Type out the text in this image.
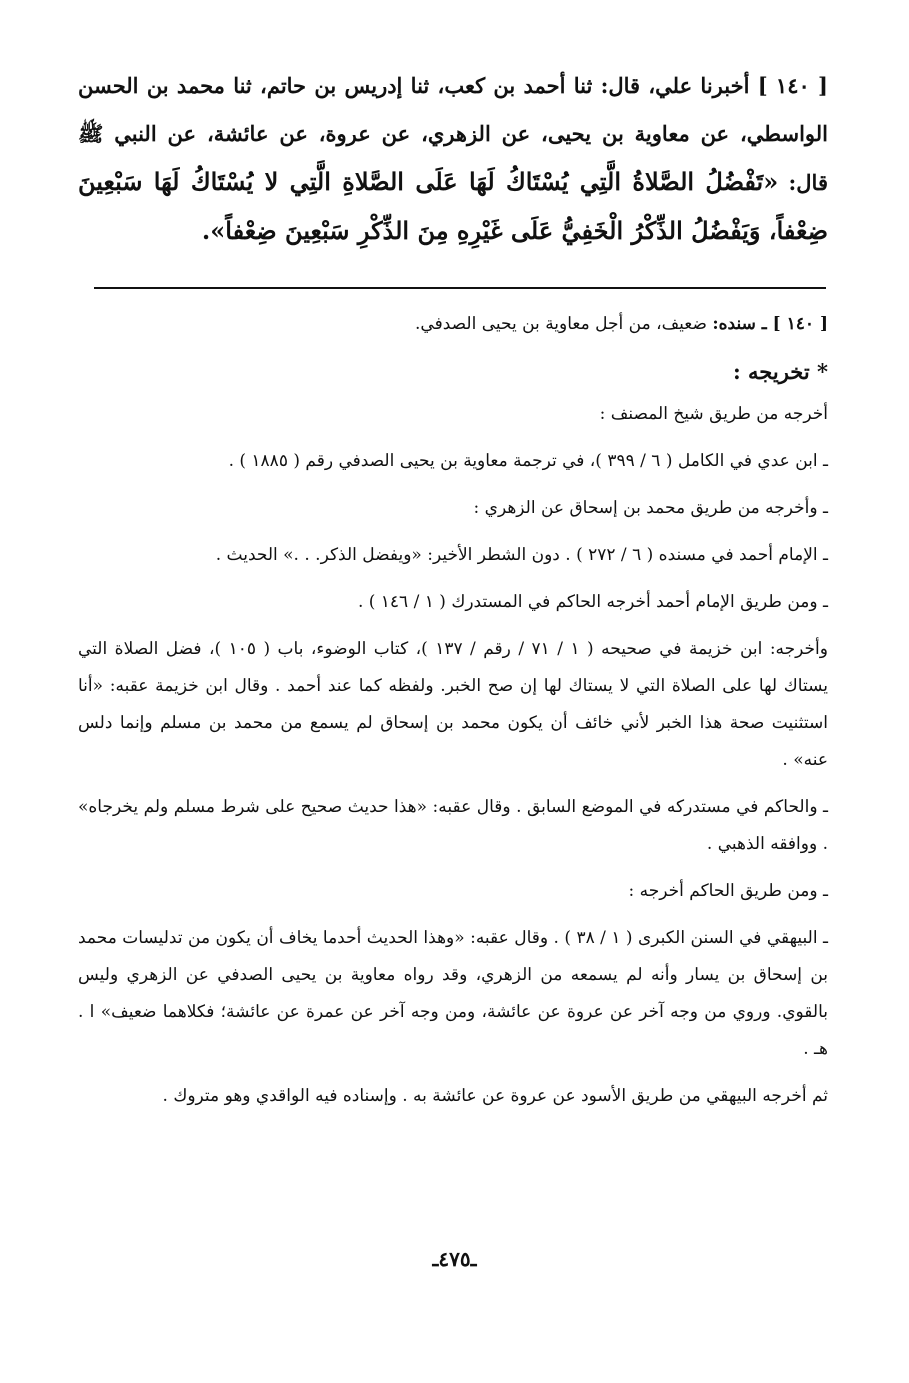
[ ١٤٠ ] أخبرنا علي، قال: ثنا أحمد بن كعب، ثنا إدريس بن حاتم، ثنا محمد بن الحسن الواسطي، عن معاوية بن يحيى، عن الزهري، عن عروة، عن عائشة، عن النبي ﷺ قال: «تَفْضُلُ الصَّلاةُ الَّتِي يُسْتَاكُ لَهَا عَلَى الصَّلاةِ الَّتِي لا يُسْتَاكُ لَهَا سَبْعِينَ ضِعْفاً، وَيَفْضُلُ الذِّكْرُ الْخَفِيُّ عَلَى غَيْرِهِ مِنَ الذِّكْرِ سَبْعِينَ ضِعْفاً».

[ ١٤٠ ] ـ سنده: ضعيف، من أجل معاوية بن يحيى الصدفي.

* تخريجه :

أخرجه من طريق شيخ المصنف :

ـ ابن عدي في الكامل ( ٦ / ٣٩٩ )، في ترجمة معاوية بن يحيى الصدفي رقم ( ١٨٨٥ ) .

ـ وأخرجه من طريق محمد بن إسحاق عن الزهري :

ـ الإمام أحمد في مسنده ( ٦ / ٢٧٢ ) . دون الشطر الأخير: «ويفضل الذكر. . .» الحديث .

ـ ومن طريق الإمام أحمد أخرجه الحاكم في المستدرك ( ١ / ١٤٦ ) .

وأخرجه: ابن خزيمة في صحيحه ( ١ / ٧١ / رقم / ١٣٧ )، كتاب الوضوء، باب ( ١٠٥ )، فضل الصلاة التي يستاك لها على الصلاة التي لا يستاك لها إن صح الخبر. ولفظه كما عند أحمد . وقال ابن خزيمة عقبه: «أنا استثنيت صحة هذا الخبر لأني خائف أن يكون محمد بن إسحاق لم يسمع من محمد بن مسلم وإنما دلس عنه» .

ـ والحاكم في مستدركه في الموضع السابق . وقال عقبه: «هذا حديث صحيح على شرط مسلم ولم يخرجاه» . ووافقه الذهبي .

ـ ومن طريق الحاكم أخرجه :

ـ البيهقي في السنن الكبرى ( ١ / ٣٨ ) . وقال عقبه: «وهذا الحديث أحدما يخاف أن يكون من تدليسات محمد بن إسحاق بن يسار وأنه لم يسمعه من الزهري، وقد رواه معاوية بن يحيى الصدفي عن الزهري وليس بالقوي. وروي من وجه آخر عن عروة عن عائشة، ومن وجه آخر عن عمرة عن عائشة؛ فكلاهما ضعيف» ا . هـ .

ثم أخرجه البيهقي من طريق الأسود عن عروة عن عائشة به . وإسناده فيه الواقدي وهو متروك .

ـ٤٧٥ـ
